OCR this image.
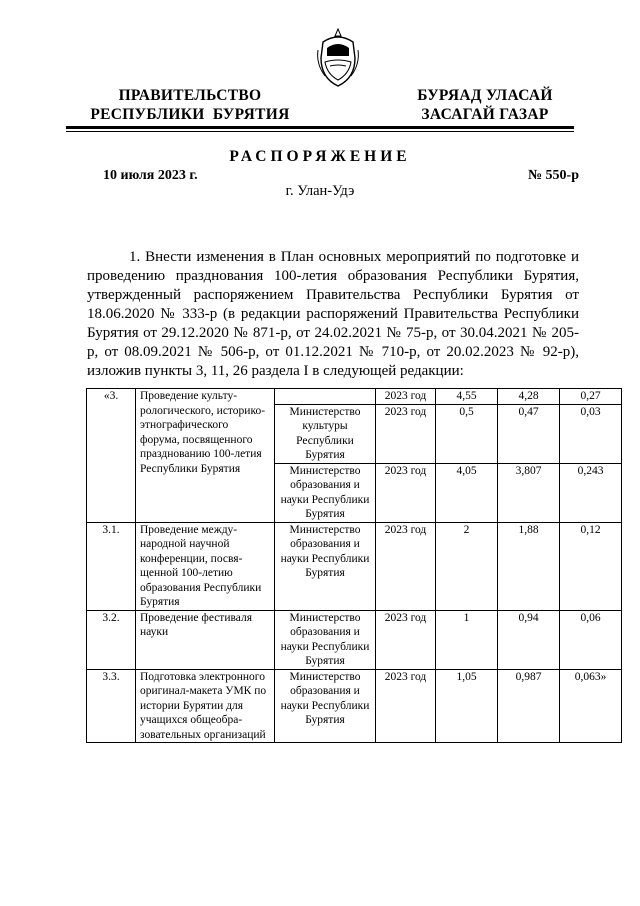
ПРАВИТЕЛЬСТВО
РЕСПУБЛИКИ  БУРЯТИЯ
БУРЯАД УЛАСАЙ
ЗАСАГАЙ ГАЗАР
РАСПОРЯЖЕНИЕ
10 июля 2023 г.	№ 550-р
г. Улан-Удэ

1. Внести изменения в План основных мероприятий по подготовке и проведению празднования 100-летия образования Республики Бурятия, утвержденный распоряжением Правительства Республики Бурятия от 18.06.2020 № 333-р (в редакции распоряжений Правительства Республики Бурятия от 29.12.2020 № 871-р, от 24.02.2021 № 75-р, от 30.04.2021 № 205-р, от 08.09.2021 № 506-р, от 01.12.2021 № 710-р, от 20.02.2023 № 92-р), изложив пункты 3, 11, 26 раздела I в следующей редакции:

«3.	Проведение культурологического, историко-этнографического форума, посвященного празднованию 100-летия Республики Бурятия		2023 год	4,55	4,28	0,27
		Министерство культуры Республики Бурятия	2023 год	0,5	0,47	0,03
		Министерство образования и науки Республики Бурятия	2023 год	4,05	3,807	0,243
3.1.	Проведение международной научной конференции, посвященной 100-летию образования Республики Бурятия	Министерство образования и науки Республики Бурятия	2023 год	2	1,88	0,12
3.2.	Проведение фестиваля науки	Министерство образования и науки Республики Бурятия	2023 год	1	0,94	0,06
3.3.	Подготовка электронного оригинал-макета УМК по истории Бурятии для учащихся общеобразовательных организаций	Министерство образования и науки Республики Бурятия	2023 год	1,05	0,987	0,063»
